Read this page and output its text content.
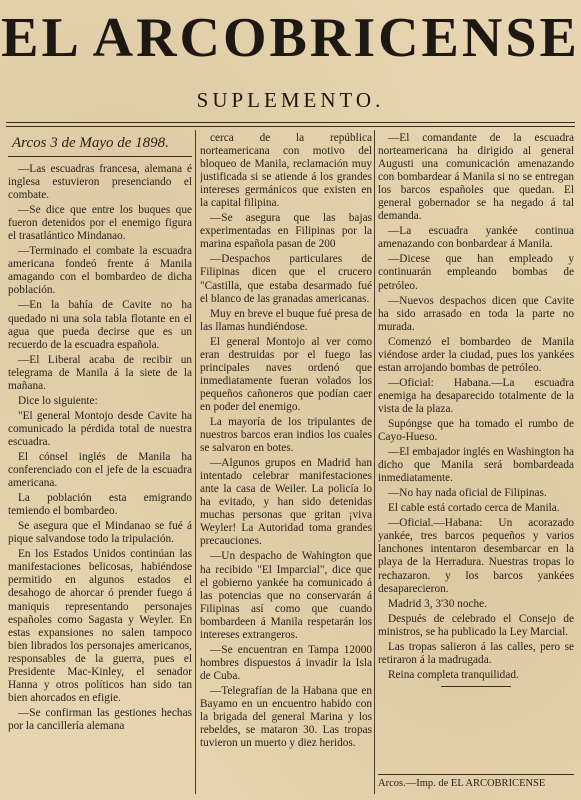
EL ARCOBRICENSE
SUPLEMENTO.
Arcos 3 de Mayo de 1898.

—Las escuadras francesa, alemana é inglesa estuvieron presenciando el combate.

—Se dice que entre los buques que fueron detenidos por el enemigo figura el trasatlántico Mindanao.

—Terminado el combate la escuadra americana fondeó frente á Manila amagando con el bombardeo de dicha población.

—En la bahía de Cavite no ha quedado ni una sola tabla flotante en el agua que pueda decirse que es un recuerdo de la escuadra española.

—El Liberal acaba de recibir un telegrama de Manila á la siete de la mañana.

Dice lo siguiente:

"El general Montojo desde Cavite ha comunicado la pérdida total de nuestra escuadra.

El cónsel inglés de Manila ha conferenciado con el jefe de la escuadra americana.

La población esta emigrando temiendo el bombardeo.

Se asegura que el Mindanao se fué á pique salvandose todo la tripulación.

En los Estados Unidos continúan las manifestaciones belicosas, habiéndose permitido en algunos estados el desahogo de ahorcar ó prender fuego á maniquis representando personajes españoles como Sagasta y Weyler. En estas expansiones no salen tampoco bien librados los personajes americanos, responsables de la guerra, pues el Presidente Mac-Kinley, el senador Hanna y otros políticos han sido tan bien ahorcados en efigie.

—Se confirman las gestiones hechas por la cancillería alemana

cerca de la república norteamericana con motivo del bloqueo de Manila, reclamación muy justificada si se atiende á los grandes intereses germánicos que existen en la capital filipina.

—Se asegura que las bajas experimentadas en Filipinas por la marina española pasan de 200

—Despachos particulares de Filipinas dicen que el crucero "Castilla, que estaba desarmado fué el blanco de las granadas americanas.

Muy en breve el buque fué presa de las llamas hundiéndose.

El general Montojo al ver como eran destruidas por el fuego las principales naves ordenó que inmediatamente fueran volados los pequeños cañoneros que podían caer en poder del enemigo.

La mayoría de los tripulantes de nuestros barcos eran indios los cuales se salvaron en botes.

—Algunos grupos en Madrid han intentado celebrar manifestaciones ante la casa de Weiler. La policía lo ha evitado, y han sido detenidas muchas personas que gritan ¡viva Weyler! La Autoridad toma grandes precauciones.

—Un despacho de Wahington que ha recibido "El Imparcial", dice que el gobierno yankée ha comunicado á las potencias que no conservarán á Filipinas así como que cuando bombardeen á Manila respetarán los intereses extrangeros.

—Se encuentran en Tampa 12000 hombres dispuestos á invadir la Isla de Cuba.

—Telegrafían de la Habana que en Bayamo en un encuentro habido con la brigada del general Marina y los rebeldes, se mataron 30. Las tropas tuvieron un muerto y diez heridos.

—El comandante de la escuadra norteamericana ha dirigido al general Augusti una comunicación amenazando con bombardear á Manila si no se entregan los barcos españoles que quedan. El general gobernador se ha negado á tal demanda.

—La escuadra yankée continua amenazando con bonbardear á Manila.

—Dicese que han empleado y continuarán empleando bombas de petróleo.

—Nuevos despachos dicen que Cavite ha sido arrasado en toda la parte no murada.

Comenzó el bombardeo de Manila viéndose arder la ciudad, pues los yankées estan arrojando bombas de petróleo.

—Oficial: Habana.—La escuadra enemiga ha desaparecido totalmente de la vista de la plaza.

Supóngse que ha tomado el rumbo de Cayo-Hueso.

—El embajador inglés en Washington ha dicho que Manila será bombardeada inmediatamente.

—No hay nada oficial de Filipinas.

El cable está cortado cerca de Manila.

—Oficial.—Habana: Un acorazado yankée, tres barcos pequeños y varios lanchones intentaron desembarcar en la playa de la Herradura. Nuestras tropas lo rechazaron. y los barcos yankées desaparecieron.

Madrid 3, 3'30 noche.

Después de celebrado el Consejo de ministros, se ha publicado la Ley Marcial.

Las tropas salieron á las calles, pero se retiraron á la madrugada.

Reina completa tranquilidad.

Arcos.—Imp. de EL ARCOBRICENSE
